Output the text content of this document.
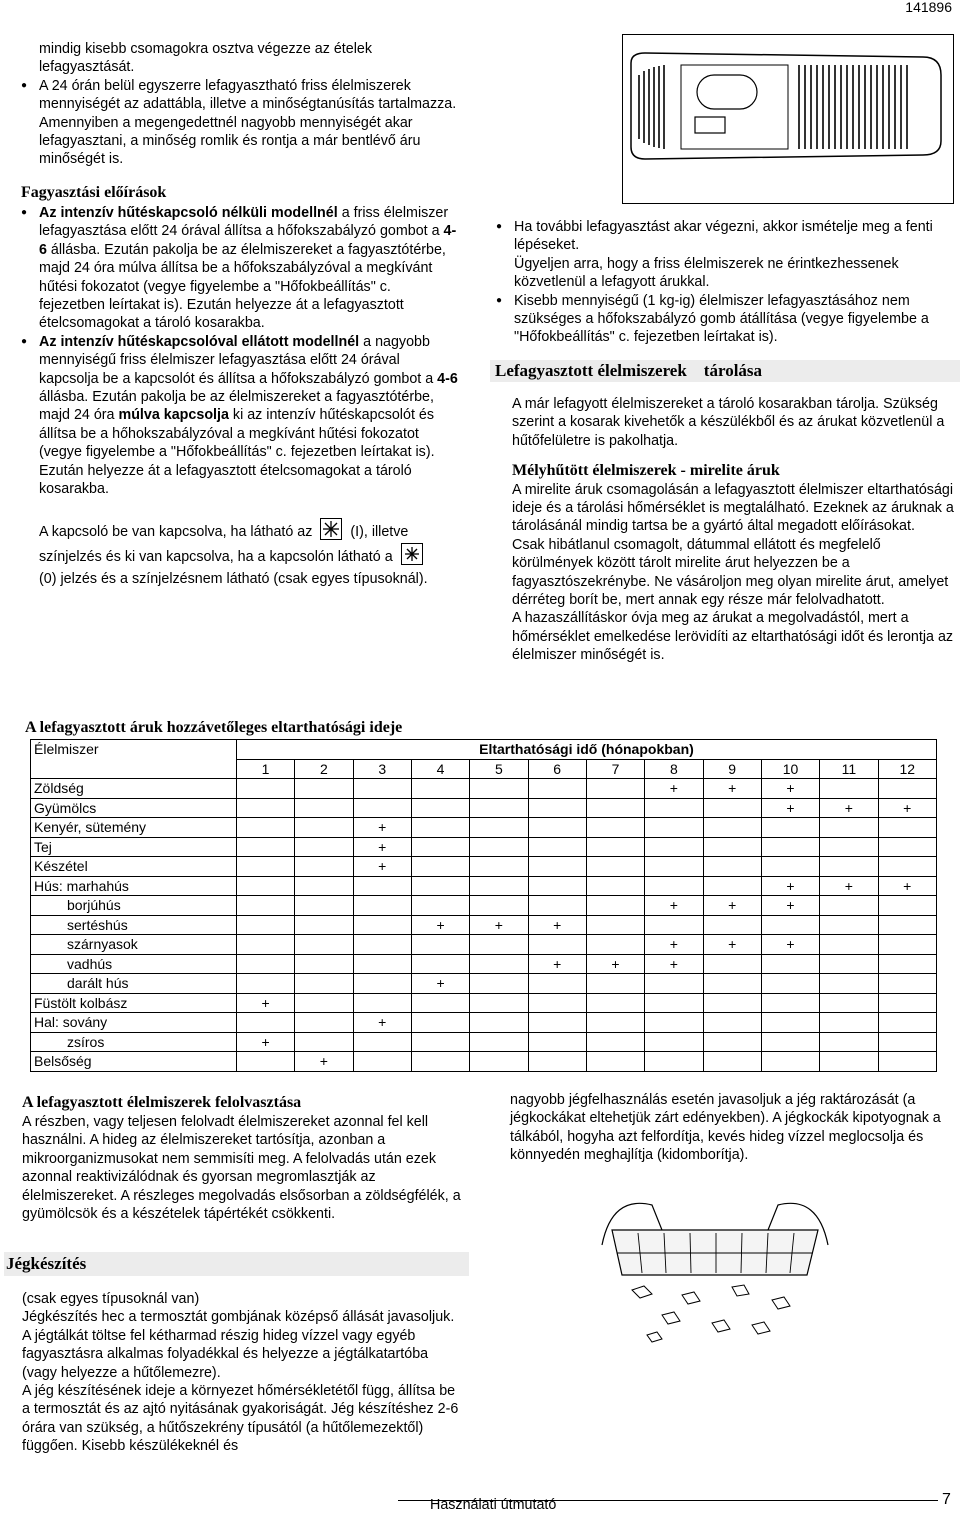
141896

mindig kisebb csomagokra osztva végezze az ételek lefagyasztását.

● A 24 órán belül egyszerre lefagyasztható friss élelmiszerek mennyiségét az adattábla, illetve a minőségtanúsítás tartalmazza. Amennyiben a megengedettnél nagyobb mennyiségét akar lefagyasztani, a minőség romlik és rontja a már bentlévő áru minőségét is.
Fagyasztási előírások
● Az intenzív hűtéskapcsoló nélküli modellnél a friss élelmiszer lefagyasztása előtt 24 órával állítsa a hőfokszabályzó gombot a 4-6 állásba. Ezután pakolja be az élelmiszereket a fagyasztótérbe, majd 24 óra múlva állítsa be a hőfokszabályzóval a megkívánt hűtési fokozatot (vegye figyelembe a "Hőfokbeállítás" c. fejezetben leírtakat is). Ezután helyezze át a lefagyasztott ételcsomagokat a tároló kosarakba.
● Az intenzív hűtéskapcsolóval ellátott modellnél a nagyobb mennyiségű friss élelmiszer lefagyasztása előtt 24 órával kapcsolja be a kapcsolót és állítsa a hőfokszabályzó gombot a 4-6 állásba. Ezután pakolja be az élelmiszereket a fagyasztótérbe, majd 24 óra múlva kapcsolja ki az intenzív hűtéskapcsolót és állítsa be a hőhokszabályzóval a megkívánt hűtési fokozatot (vegye figyelembe a "Hőfokbeállítás" c. fejezetben leírtakat is). Ezután helyezze át a lefagyasztott ételcsomagokat a tároló kosarakba.
A kapcsoló be van kapcsolva, ha látható az	(I), illetve
színjelzés és ki van kapcsolva, ha a kapcsolón látható a
(0) jelzés és a színjelzésnem látható (csak egyes típusoknál).
● Ha további lefagyasztást akar végezni, akkor ismételje meg a fenti lépéseket.

Ügyeljen arra, hogy a friss élelmiszerek ne érintkezhessenek közvetlenül a lefagyott árukkal.

● Kisebb mennyiségű (1 kg-ig) élelmiszer lefagyasztásához nem szükséges a hőfokszabályzó gomb átállítása (vegye figyelembe a "Hőfokbeállítás" c. fejezetben leírtakat is).
Lefagyasztott élelmiszerek    tárolása

A már lefagyott élelmiszereket a tároló kosarakban tárolja. Szükség szerint a kosarak kivehetők a készülékből és az árukat közvetlenül a hűtőfelületre is pakolhatja.

Mélyhűtött élelmiszerek - mirelite áruk

A mirelite áruk csomagolásán a lefagyasztott élelmiszer eltarthatósági ideje és a tárolási hőmérséklet is megtalálható. Ezeknek az áruknak a tárolásánál mindig tartsa be a gyártó által megadott előírásokat.

Csak hibátlanul csomagolt, dátummal ellátott és megfelelő körülmények között tárolt mirelite árut helyezzen be a fagyasztószekrénybe. Ne vásároljon meg olyan mirelite árut, amelyet dérréteg borít be, mert annak egy része már felolvadhatott.

A hazaszállításkor óvja meg az árukat a megolvadástól, mert a hőmérséklet emelkedése lerövidíti az eltarthatósági időt és lerontja az élelmiszer minőségét is.

A lefagyasztott áruk hozzávetőleges eltarthatósági ideje
Élelmiszer	Eltarthatósági idő (hónapokban)											
	1	2	3	4	5	6	7	8	9	10	11	12
Zöldség								+	+	+		
Gyümölcs										+	+	+
Kenyér, sütemény			+									
Tej			+									
Készétel			+									
Hús: marhahús										+	+	+
borjúhús								+	+	+		
sertéshús				+	+	+						
szárnyasok								+	+	+		
vadhús						+	+	+				
darált hús				+								
Füstölt kolbász	+											
Hal: sovány			+									
zsíros	+											
Belsőség		+										
A lefagyasztott élelmiszerek felolvasztása
A részben, vagy teljesen felolvadt élelmiszereket azonnal fel kell használni. A hideg az élelmiszereket tartósítja, azonban a mikroorganizmusokat nem semmisíti meg. A felolvadás után ezek azonnal reaktivizálódnak és gyorsan megromlasztják az élelmiszereket. A részleges megolvadás elsősorban a zöldségfélék, a gyümölcsök és a készételek tápértékét csökkenti.
Jégkészítés

(csak egyes típusoknál van)

Jégkészítés hec a termosztát gombjának középső állását javasoljuk.

A jégtálkát töltse fel kétharmad részig hideg vízzel vagy egyéb fagyasztásra alkalmas folyadékkal és helyezze a jégtálkatartóba (vagy helyezze a hűtőlemezre).

A jég készítésének ideje a környezet hőmérsékletétől függ, állítsa be a termosztát és az ajtó nyitásának gyakoriságát. Jég készítéshez 2-6 órára van szükség, a hűtőszekrény típusától (a hűtőlemezektől) függően. Kisebb készülékeknél és

nagyobb jégfelhasználás esetén javasoljuk a jég raktározását (a jégkockákat eltehetjük zárt edényekben). A jégkockák kipotyognak a tálkából, hogyha azt felfordítja, kevés hideg vízzel meglocsolja és könnyedén meghajlítja (kidomborítja).
Használati útmutató	7
